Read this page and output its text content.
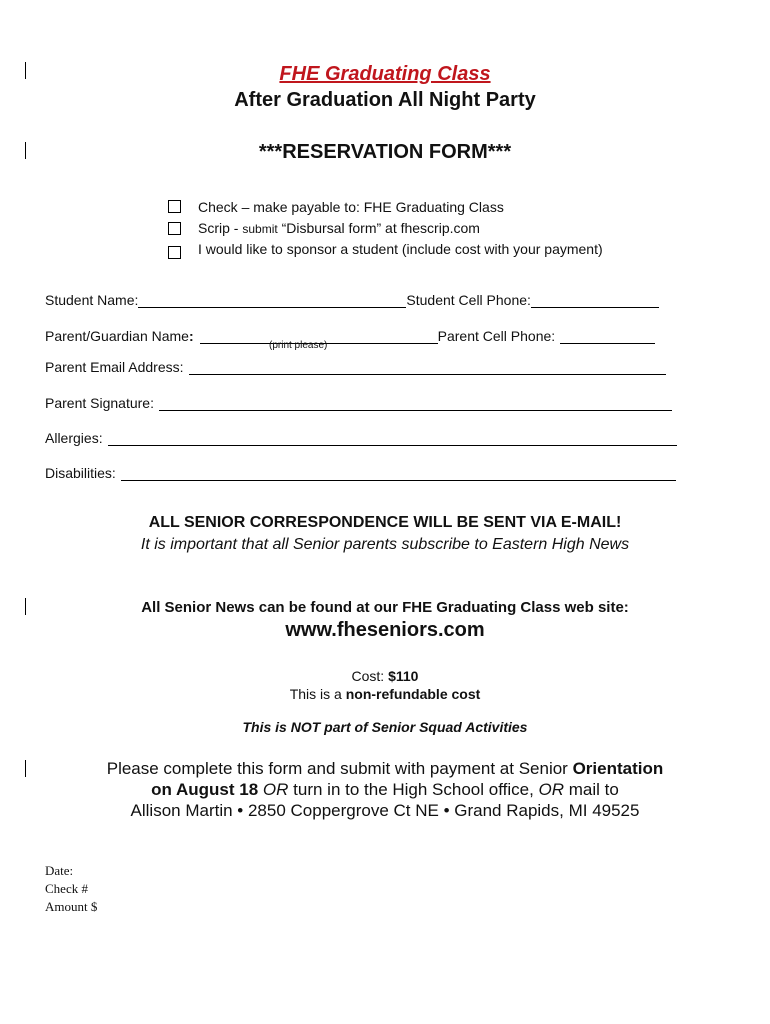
FHE Graduating Class
After Graduation All Night Party
***RESERVATION FORM***
Check – make payable to: FHE Graduating Class
Scrip - submit “Disbursal form” at fhescrip.com
I would like to sponsor a student (include cost with your payment)
Student Name:	Student Cell Phone:
Parent/Guardian Name :	Parent Cell Phone:
(print please)
Parent Email Address:
Parent Signature:
Allergies:
Disabilities:
ALL SENIOR CORRESPONDENCE WILL BE SENT VIA E-MAIL!
It is important that all Senior parents subscribe to Eastern High News
All Senior News can be found at our FHE Graduating Class web site:
www.fheseniors.com
Cost: $110
This is a non-refundable cost
This is NOT part of Senior Squad Activities
Please complete this form and submit with payment at Senior Orientation
on August 18 OR turn in to the High School office, OR mail to
Allison Martin • 2850 Coppergrove Ct NE • Grand Rapids, MI 49525
Date:
Check #
Amount $
